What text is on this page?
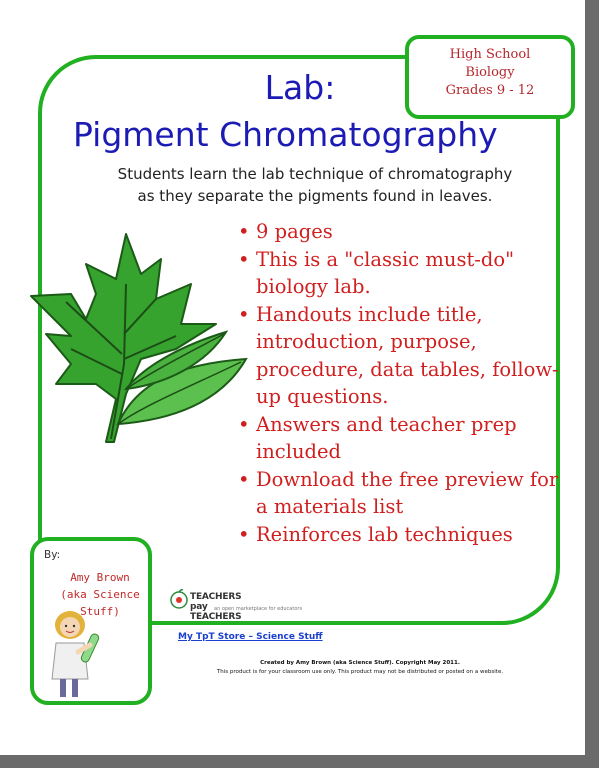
High School
Biology
Grades 9 - 12
Lab:
Pigment Chromatography
Students learn the lab technique of chromatography
as they separate the pigments found in leaves.
• 9 pages
• This is a "classic must-do" biology lab.
• Handouts include title, introduction, purpose, procedure, data tables, follow-up questions.
• Answers and teacher prep included
• Download the free preview for a materials list
• Reinforces lab techniques
By:
Amy Brown
(aka Science
Stuff)
TEACHERS pay TEACHERS
an open marketplace for educators
My TpT Store – Science Stuff
Created by Amy Brown (aka Science Stuff). Copyright May 2011.
This product is for your classroom use only. This product may not be distributed or posted on a website.
